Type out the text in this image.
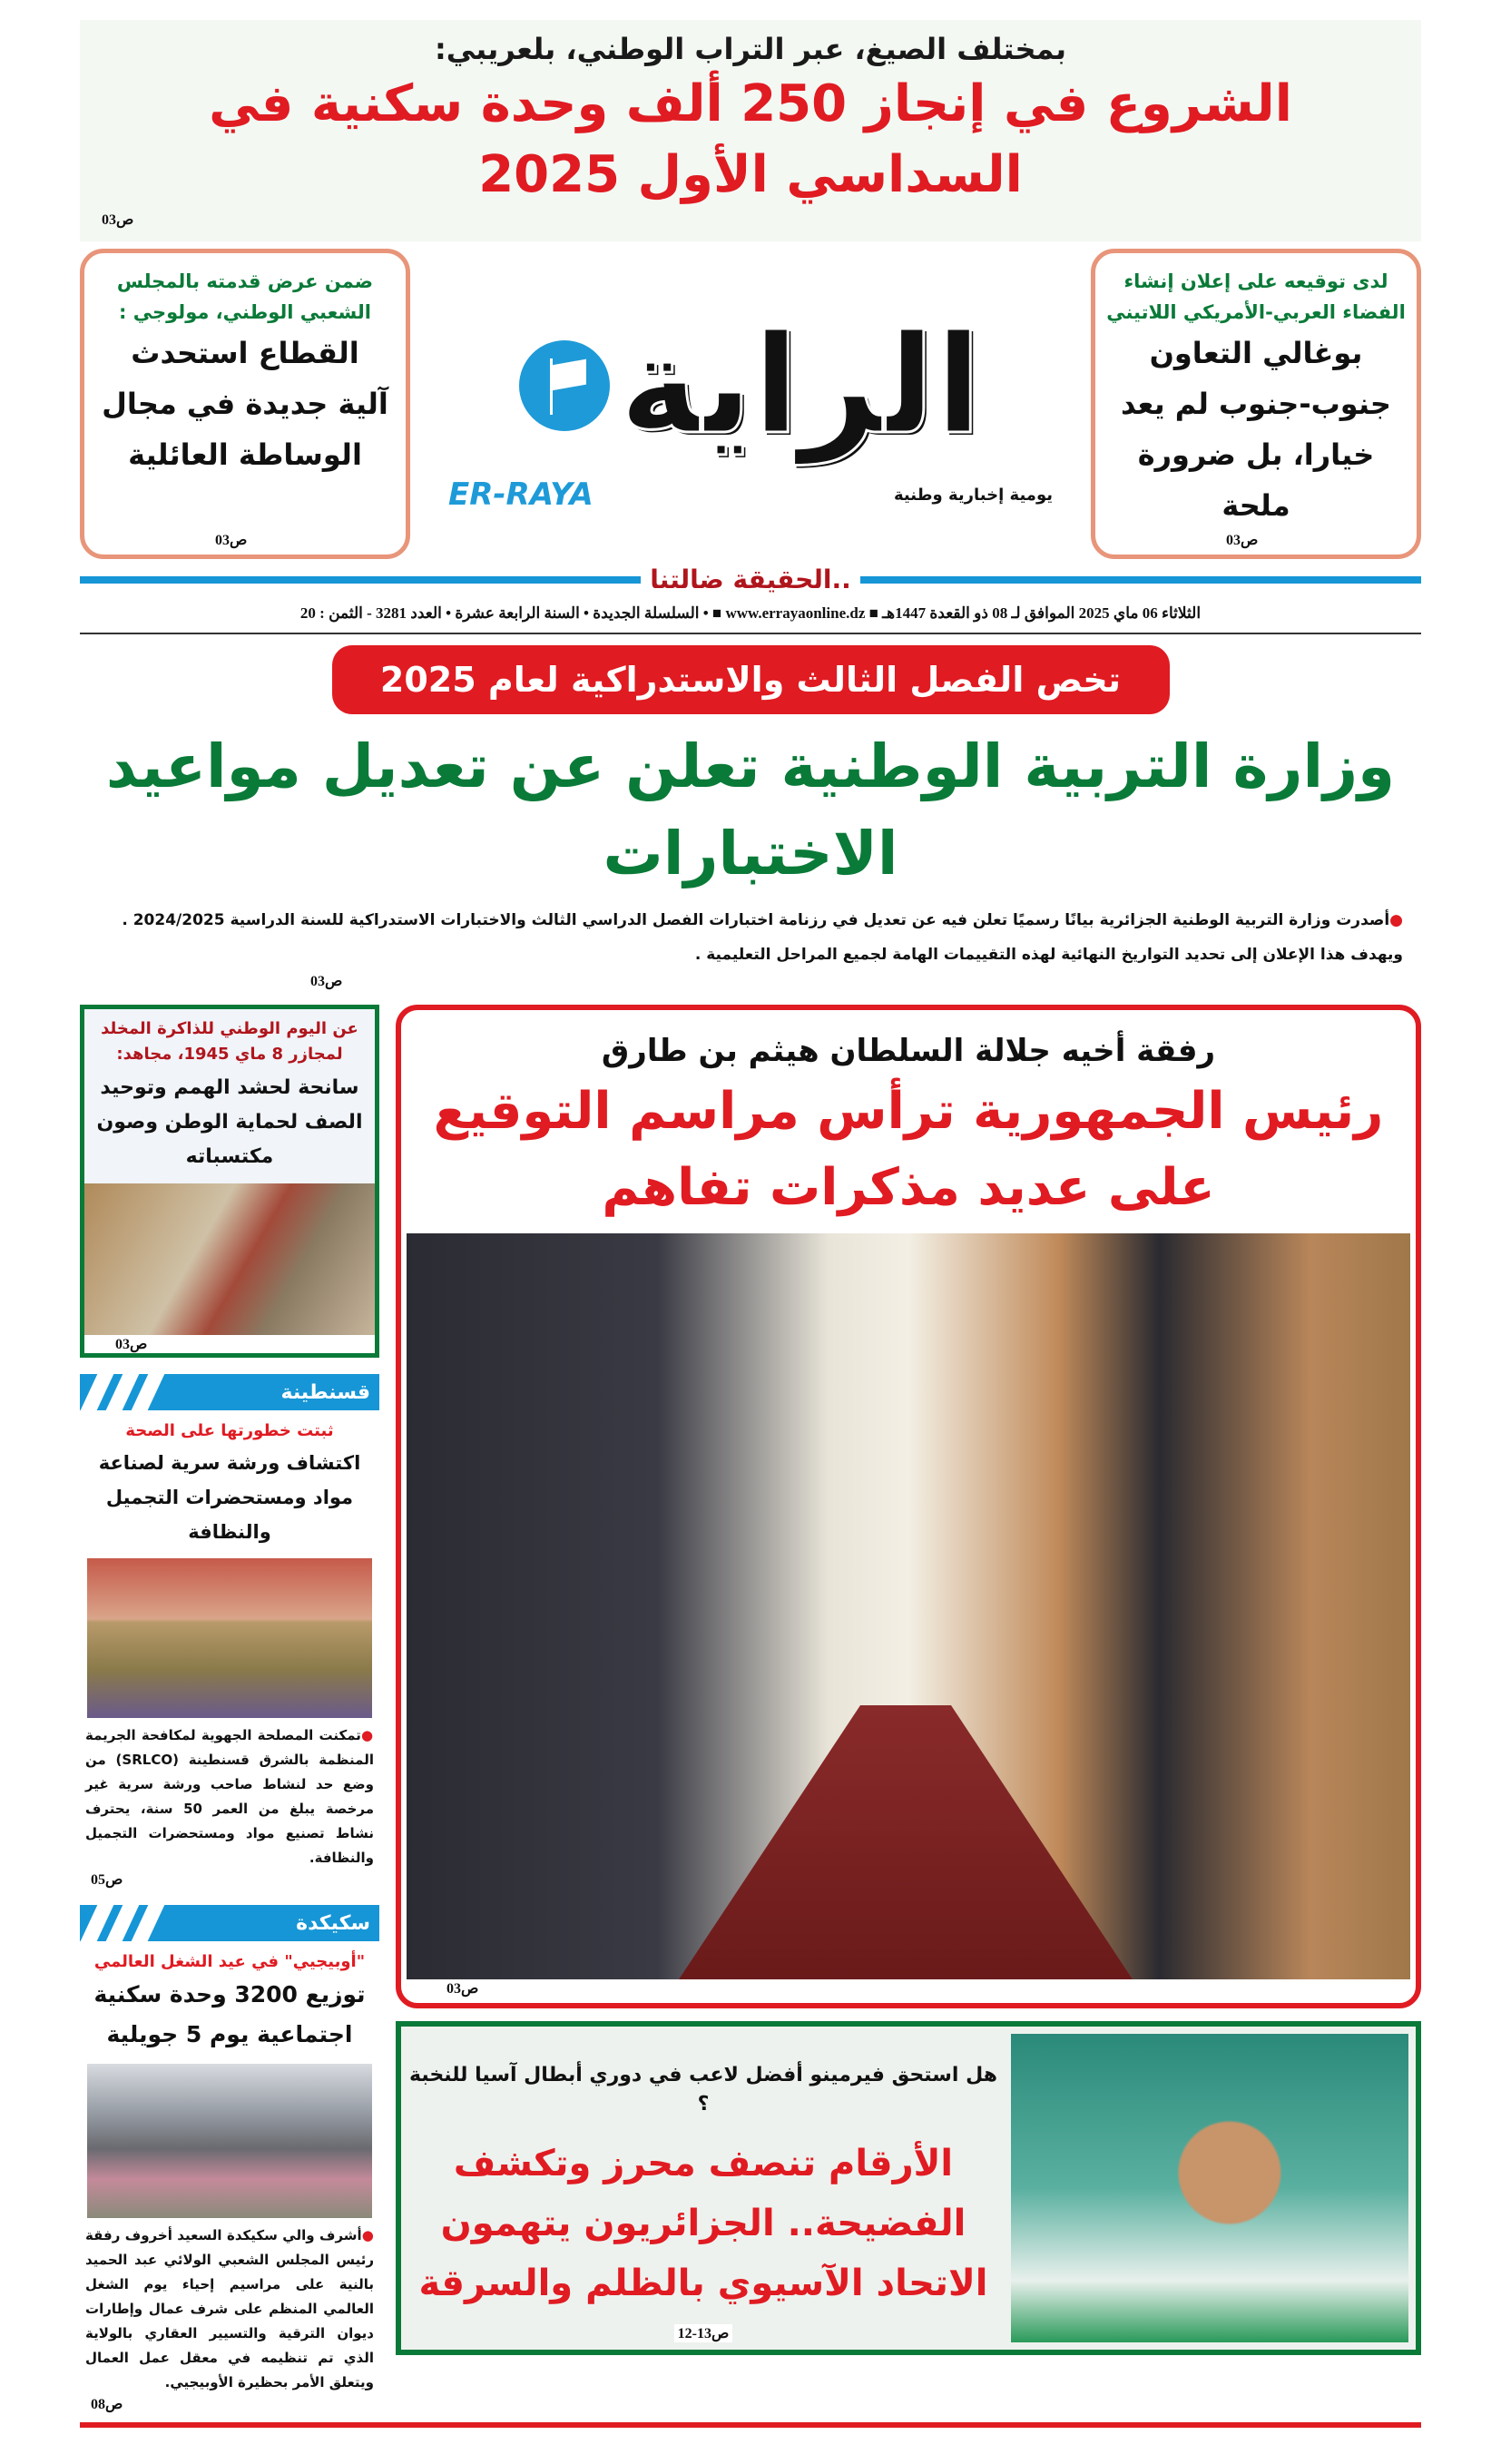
بمختلف الصيغ، عبر التراب الوطني، بلعريبي:
الشروع في إنجاز 250 ألف وحدة سكنية في السداسي الأول 2025
ص03
ضمن عرض قدمته بالمجلس الشعبي الوطني، مولوجي :
القطاع استحدث
آلية جديدة في مجال
الوساطة العائلية
ص03
الراية
ER-RAYA	يومية إخبارية وطنية
لدى توقيعه على إعلان إنشاء الفضاء العربي-الأمريكي اللاتيني
بوغالي التعاون
جنوب-جنوب لم يعد
خيارا، بل ضرورة ملحة
ص03
..الحقيقة ضالتنا
الثلاثاء 06 ماي 2025 الموافق لـ 08 ذو القعدة 1447هـ ■ www.errayaonline.dz ■ • السلسلة الجديدة • السنة الرابعة عشرة • العدد 3281 - الثمن : 20
تخص الفصل الثالث والاستدراكية لعام 2025
وزارة التربية الوطنية تعلن عن تعديل مواعيد الاختبارات
●أصدرت وزارة التربية الوطنية الجزائرية بيانًا رسميًا تعلن فيه عن تعديل في رزنامة اختبارات الفصل الدراسي الثالث والاختبارات الاستدراكية للسنة الدراسية 2024/2025 . ويهدف هذا الإعلان إلى تحديد التواريخ النهائية لهذه التقييمات الهامة لجميع المراحل التعليمية .
ص03
عن اليوم الوطني للذاكرة المخلد لمجازر 8 ماي 1945، مجاهد:
سانحة لحشد الهمم وتوحيد الصف لحماية الوطن وصون مكتسباته
ص03
قسنطينة
ثبتت خطورتها على الصحة
اكتشاف ورشة سرية لصناعة مواد ومستحضرات التجميل والنظافة
●تمكنت المصلحة الجهوية لمكافحة الجريمة المنظمة بالشرق قسنطينة (SRLCO) من وضع حد لنشاط صاحب ورشة سرية غير مرخصة يبلغ من العمر 50 سنة، يحترف نشاط تصنيع مواد ومستحضرات التجميل والنظافة.
ص05
سكيكدة
"أوبيجيي" في عيد الشغل العالمي
توزيع 3200 وحدة سكنية اجتماعية يوم 5 جويلية
●أشرف والي سكيكدة السعيد أخروف رفقة رئيس المجلس الشعبي الولائي عبد الحميد بالنية على مراسيم إحياء يوم الشغل العالمي المنظم على شرف عمال وإطارات ديوان الترقية والتسيير العقاري بالولاية الذي تم تنظيمه في معقل عمل العمال ويتعلق الأمر بحظيرة الأوبيجيي.
ص08
رفقة أخيه جلالة السلطان هيثم بن طارق
رئيس الجمهورية ترأس مراسم التوقيع على عديد مذكرات تفاهم
ص03
هل استحق فيرمينو أفضل لاعب في دوري أبطال آسيا للنخبة ؟
الأرقام تنصف محرز وتكشف
الفضيحة.. الجزائريون يتهمون
الاتحاد الآسيوي بالظلم والسرقة
ص13-12
